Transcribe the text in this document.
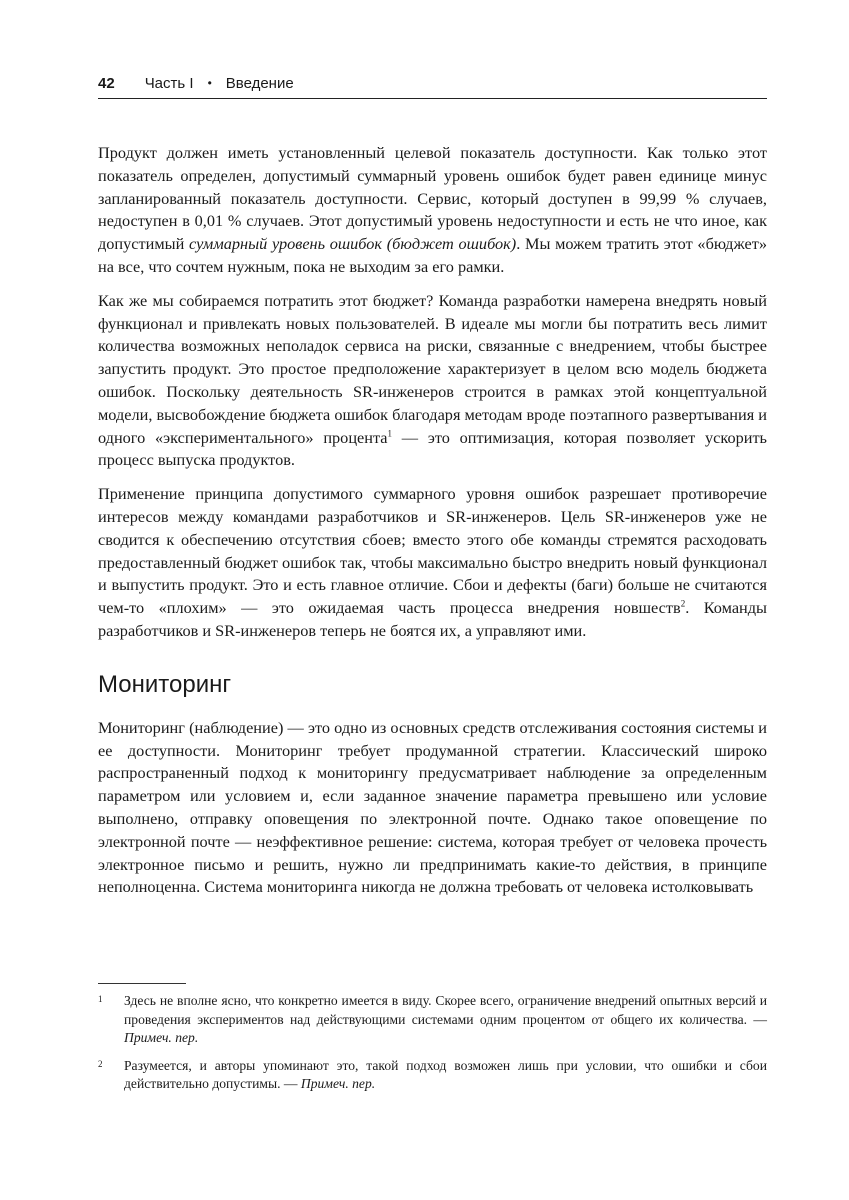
42 Часть I • Введение

Продукт должен иметь установленный целевой показатель доступности. Как только этот показатель определен, допустимый суммарный уровень ошибок будет равен единице минус запланированный показатель доступности. Сервис, который доступен в 99,99 % случаев, недоступен в 0,01 % случаев. Этот допустимый уровень недоступности и есть не что иное, как допустимый суммарный уровень ошибок (бюджет ошибок). Мы можем тратить этот «бюджет» на все, что сочтем нужным, пока не выходим за его рамки.

Как же мы собираемся потратить этот бюджет? Команда разработки намерена внедрять новый функционал и привлекать новых пользователей. В идеале мы могли бы потратить весь лимит количества возможных неполадок сервиса на риски, связанные с внедрением, чтобы быстрее запустить продукт. Это простое предположение характеризует в целом всю модель бюджета ошибок. Поскольку деятельность SR-инженеров строится в рамках этой концептуальной модели, высвобождение бюджета ошибок благодаря методам вроде поэтапного развертывания и одного «экспериментального» процента$^1$ — это оптимизация, которая позволяет ускорить процесс выпуска продуктов.

Применение принципа допустимого суммарного уровня ошибок разрешает противоречие интересов между командами разработчиков и SR-инженеров. Цель SR-инженеров уже не сводится к обеспечению отсутствия сбоев; вместо этого обе команды стремятся расходовать предоставленный бюджет ошибок так, чтобы максимально быстро внедрить новый функционал и выпустить продукт. Это и есть главное отличие. Сбои и дефекты (баги) больше не считаются чем-то «плохим» — это ожидаемая часть процесса внедрения новшеств$^2$. Команды разработчиков и SR-инженеров теперь не боятся их, а управляют ими.

Мониторинг

Мониторинг (наблюдение) — это одно из основных средств отслеживания состояния системы и ее доступности. Мониторинг требует продуманной стратегии. Классический широко распространенный подход к мониторингу предусматривает наблюдение за определенным параметром или условием и, если заданное значение параметра превышено или условие выполнено, отправку оповещения по электронной почте. Однако такое оповещение по электронной почте — неэффективное решение: система, которая требует от человека прочесть электронное письмо и решить, нужно ли предпринимать какие-то действия, в принципе неполноценна. Система мониторинга никогда не должна требовать от человека истолковывать

1	Здесь не вполне ясно, что конкретно имеется в виду. Скорее всего, ограничение внедрений опытных версий и проведения экспериментов над действующими системами одним процентом от общего их количества. — Примеч. пер.
2	Разумеется, и авторы упоминают это, такой подход возможен лишь при условии, что ошибки и сбои действительно допустимы. — Примеч. пер.
